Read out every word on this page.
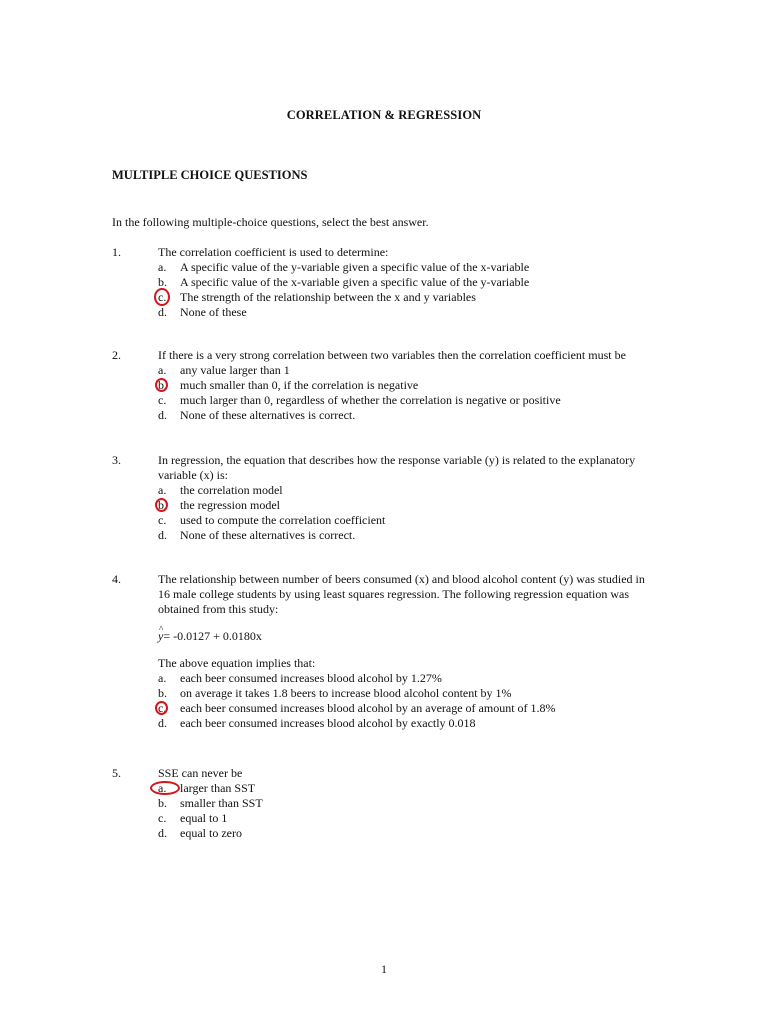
CORRELATION & REGRESSION
MULTIPLE CHOICE QUESTIONS
In the following multiple-choice questions, select the best answer.
1.	The correlation coefficient is used to determine:
a.	A specific value of the y-variable given a specific value of the x-variable
b.	A specific value of the x-variable given a specific value of the y-variable
c.	The strength of the relationship between the x and y variables
d.	None of these
2.	If there is a very strong correlation between two variables then the correlation coefficient must be
a.	any value larger than 1
b.	much smaller than 0, if the correlation is negative
c.	much larger than 0, regardless of whether the correlation is negative or positive
d.	None of these alternatives is correct.
3.	In regression, the equation that describes how the response variable (y) is related to the explanatory variable (x) is:
a.	the correlation model
b.	the regression model
c.	used to compute the correlation coefficient
d.	None of these alternatives is correct.
4.	The relationship between number of beers consumed (x) and blood alcohol content (y) was studied in 16 male college students by using least squares regression. The following regression equation was obtained from this study:
^ y= -0.0127 + 0.0180x
The above equation implies that:
a.	each beer consumed increases blood alcohol by 1.27%
b.	on average it takes 1.8 beers to increase blood alcohol content by 1%
c.	each beer consumed increases blood alcohol by an average of amount of 1.8%
d.	each beer consumed increases blood alcohol by exactly 0.018
5.	SSE can never be
a.	larger than SST
b.	smaller than SST
c.	equal to 1
d.	equal to zero
1
